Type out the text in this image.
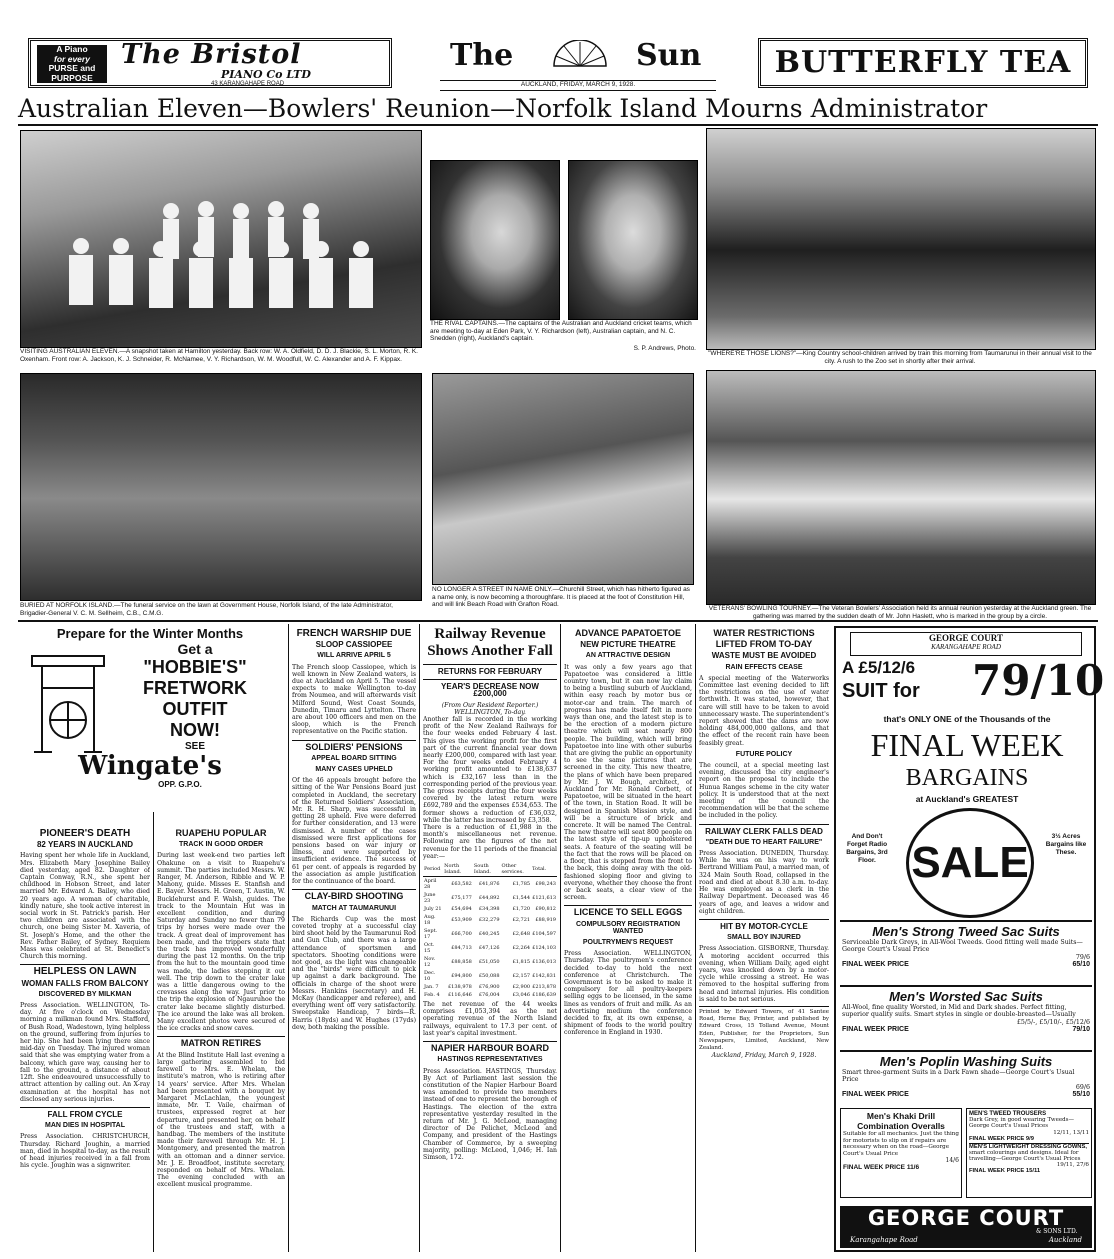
A Piano
for every
PURSE and
PURPOSE
The Bristol
PIANO Co LTD
43 KARANGAHAPE ROAD
The	Sun
AUCKLAND, FRIDAY, MARCH 9, 1928.
BUTTERFLY TEA
Australian Eleven—Bowlers' Reunion—Norfolk Island Mourns Administrator
VISITING AUSTRALIAN ELEVEN.—A snapshot taken at Hamilton yesterday. Back row: W. A. Oldfield, D. D. J. Blackie, S. L. Morton, R. K. Oxenham. Front row: A. Jackson, K. J. Schneider, R. McNamee, V. Y. Richardson, W. M. Woodfull, W. C. Alexander and A. F. Kippax.
THE RIVAL CAPTAINS.—The captains of the Australian and Auckland cricket teams, which are meeting to-day at Eden Park, V. Y. Richardson (left), Australian captain, and N. C. Snedden (right), Auckland's captain.
S. P. Andrews, Photo.
"WHERE'RE THOSE LIONS?"—King Country school-children arrived by train this morning from Taumarunui in their annual visit to the city. A rush to the Zoo set in shortly after their arrival.
BURIED AT NORFOLK ISLAND.—The funeral service on the lawn at Government House, Norfolk Island, of the late Administrator, Brigadier-General V. C. M. Sellheim, C.B., C.M.G.
NO LONGER A STREET IN NAME ONLY.—Churchill Street, which has hitherto figured as a name only, is now becoming a thoroughfare. It is placed at the foot of Constitution Hill, and will link Beach Road with Grafton Road.
VETERANS' BOWLING TOURNEY.—The Veteran Bowlers' Association held its annual reunion yesterday at the Auckland green. The gathering was marred by the sudden death of Mr. John Haslett, who is marked in the group by a circle.
Prepare for the Winter Months
Get a
"HOBBIE'S"
FRETWORK
OUTFIT
NOW!
SEE
Wingate's
OPP. G.P.O.
PIONEER'S DEATH
82 YEARS IN AUCKLAND
Having spent her whole life in Auckland, Mrs. Elizabeth Mary Josephine Bailey died yesterday, aged 82. Daughter of Captain Conway, R.N., she spent her childhood in Hobson Street, and later married Mr. Edward A. Bailey, who died 20 years ago. A woman of charitable, kindly nature, she took active interest in social work in St. Patrick's parish. Her two children are associated with the church, one being Sister M. Xaveria, of St. Joseph's Home, and the other the Rev. Father Bailey, of Sydney. Requiem Mass was celebrated at St. Benedict's Church this morning.
HELPLESS ON LAWN
WOMAN FALLS FROM BALCONY
DISCOVERED BY MILKMAN
Press Association. WELLINGTON, To-day. At five o'clock on Wednesday morning a milkman found Mrs. Stafford, of Bush Road, Wadestown, lying helpless on the ground, suffering from injuries to her hip. She had been lying there since mid-day on Tuesday. The injured woman said that she was emptying water from a balcony, which gave way, causing her to fall to the ground, a distance of about 12ft. She endeavoured unsuccessfully to attract attention by calling out. An X-ray examination at the hospital has not disclosed any serious injuries.
FALL FROM CYCLE
MAN DIES IN HOSPITAL
Press Association. CHRISTCHURCH, Thursday. Richard Joughin, a married man, died in hospital to-day, as the result of head injuries received in a fall from his cycle. Joughin was a signwriter.
RUAPEHU POPULAR
TRACK IN GOOD ORDER
During last week-end two parties left Ohakune on a visit to Ruapehu's summit. The parties included Messrs. W. Ranger, M. Anderson, Ribble and W. P. Mahony, guide. Misses E. Stanfish and E. Bayer. Messrs. H. Green, T. Austin, W. Bucklehurst and F. Walsh, guides. The track to the Mountain Hut was in excellent condition, and during Saturday and Sunday no fewer than 79 trips by horses were made over the track. A great deal of improvement has been made, and the trippers state that the track has improved wonderfully during the past 12 months. On the trip from the hut to the mountain good time was made, the ladies stepping it out well. The trip down to the crater lake was a little dangerous owing to the crevasses along the way. Just prior to the trip the explosion of Ngauruhoe the crater lake became slightly disturbed. The ice around the lake was all broken. Many excellent photos were secured of the ice cracks and snow caves.
MATRON RETIRES
At the Blind Institute Hall last evening a large gathering assembled to bid farewell to Mrs. E. Whelan, the institute's matron, who is retiring after 14 years' service. After Mrs. Whelan had been presented with a bouquet by Margaret McLachlan, the youngest inmate, Mr. T. Vaile, chairman of trustees, expressed regret at her departure, and presented her, on behalf of the trustees and staff, with a handbag. The members of the institute made their farewell through Mr. H. J. Montgomery, and presented the matron with an ottoman and a dinner service. Mr. J. E. Broadfoot, institute secretary, responded on behalf of Mrs. Whelan. The evening concluded with an excellent musical programme.
FRENCH WARSHIP DUE
SLOOP CASSIOPEE
WILL ARRIVE APRIL 5
The French sloop Cassiopee, which is well known in New Zealand waters, is due at Auckland on April 5. The vessel expects to make Wellington to-day from Noumea, and will afterwards visit Milford Sound, West Coast Sounds, Dunedin, Timaru and Lyttelton. There are about 100 officers and men on the sloop, which is the French representative on the Pacific station.
SOLDIERS' PENSIONS
APPEAL BOARD SITTING
MANY CASES UPHELD
Of the 46 appeals brought before the sitting of the War Pensions Board just completed in Auckland, the secretary of the Returned Soldiers' Association, Mr. R. H. Sharp, was successful in getting 28 upheld. Five were deferred for further consideration, and 13 were dismissed. A number of the cases dismissed were first applications for pensions based on war injury or illness, and were supported by insufficient evidence. The success of 61 per cent. of appeals is regarded by the association as ample justification for the continuance of the board.
CLAY-BIRD SHOOTING
MATCH AT TAUMARUNUI
The Richards Cup was the most coveted trophy at a successful clay bird shoot held by the Taumarunui Rod and Gun Club, and there was a large attendance of sportsmen and spectators. Shooting conditions were not good, as the light was changeable and the "birds" were difficult to pick up against a dark background. The officials in charge of the shoot were Messrs. Hankins (secretary) and H. McKay (handicapper and referee), and everything went off very satisfactorily. Sweepstake Handicap, 7 birds—R. Harris (18yds) and W. Hughes (17yds) dew, both making the possible.
Railway Revenue
Shows Another Fall
RETURNS FOR FEBRUARY
YEAR'S DECREASE NOW
£200,000
(From Our Resident Reporter.) WELLINGTON, To-day.
Another fall is recorded in the working profit of the New Zealand Railways for the four weeks ended February 4 last. This gives the working profit for the first part of the current financial year down nearly £200,000, compared with last year. For the four weeks ended February 4 working profit amounted to £138,637 which is £32,167 less than in the corresponding period of the previous year. The gross receipts during the four weeks covered by the latest return were £692,789 and the expenses £534,653. The former shows a reduction of £36,032, while the latter has increased by £3,358.
There is a reduction of £1,988 in the month's miscellaneous net revenue. Following are the figures of the net revenue for the 11 periods of the financial year:—
Period	North Island.	South Island.	Other services.	Total.
April 28	£63,582	£41,876	£1,785	£98,243
June 23	£75,177	£44,892	£1,544	£121,613
July 21	£54,694	£34,398	£1,720	£90,812
Aug. 18	£53,909	£32,279	£2,721	£88,919
Sept. 17	£66,700	£40,245	£2,648	£104,597
Oct. 15	£84,713	£47,126	£2,264	£124,103
Nov. 12	£88,858	£51,050	£1,815	£136,013
Dec. 10	£94,800	£50,088	£2,157	£142,831
Jan. 7	£138,978	£76,900	£2,900	£213,878
Feb. 4	£116,646	£76,004	£3,046	£186,639
The net revenue of the 44 weeks comprises £1,053,394 as the net operating revenue of the North Island railways, equivalent to 17.3 per cent. of last year's capital investment.
NAPIER HARBOUR BOARD
HASTINGS REPRESENTATIVES
Press Association. HASTINGS, Thursday. By Act of Parliament last session the constitution of the Napier Harbour Board was amended to provide two members instead of one to represent the borough of Hastings. The election of the extra representative yesterday resulted in the return of Mr. J. G. McLeod, managing director of De Pelichet, McLeod and Company, and president of the Hastings Chamber of Commerce, by a sweeping majority, polling: McLeod, 1,046; H. Ian Simson, 172.
ADVANCE PAPATOETOE
NEW PICTURE THEATRE
AN ATTRACTIVE DESIGN
It was only a few years ago that Papatoetoe was considered a little country town, but it can now lay claim to being a bustling suburb of Auckland, within easy reach by motor bus or motor-car and train. The march of progress has made itself felt in more ways than one, and the latest step is to be the erection of a modern picture theatre which will seat nearly 800 people. The building, which will bring Papatoetoe into line with other suburbs that are giving the public an opportunity to see the same pictures that are screened in the city. This new theatre, the plans of which have been prepared by Mr. J. W. Bough, architect, of Auckland for Mr. Ronald Corbett, of Papatoetoe, will be situated in the heart of the town, in Station Road. It will be designed in Spanish Mission style, and will be a structure of brick and concrete. It will be named The Central. The new theatre will seat 800 people on the latest style of tip-up upholstered seats. A feature of the seating will be the fact that the rows will be placed on a floor, that is stepped from the front to the back, this doing away with the old-fashioned sloping floor and giving to everyone, whether they choose the front or back seats, a clear view of the screen.
LICENCE TO SELL EGGS
COMPULSORY REGISTRATION WANTED
POULTRYMEN'S REQUEST
Press Association. WELLINGTON, Thursday. The poultrymen's conference decided to-day to hold the next conference at Christchurch. The Government is to be asked to make it compulsory for all poultry-keepers selling eggs to be licensed, in the same lines as vendors of fruit and milk. As an advertising medium the conference decided to fix, at its own expense, a shipment of foods to the world poultry conference in England in 1930.
WATER RESTRICTIONS
LIFTED FROM TO-DAY
WASTE MUST BE AVOIDED
RAIN EFFECTS CEASE
A special meeting of the Waterworks Committee last evening decided to lift the restrictions on the use of water forthwith. It was stated, however, that care will still have to be taken to avoid unnecessary waste. The superintendent's report showed that the dams are now holding 484,000,000 gallons, and that the effect of the recent rain have been feasibly great.
FUTURE POLICY
The council, at a special meeting last evening, discussed the city engineer's report on the proposal to include the Hunua Ranges scheme in the city water policy. It is understood that at the next meeting of the council the recommendation will be that the scheme be included in the policy.
RAILWAY CLERK FALLS DEAD
"DEATH DUE TO HEART FAILURE"
Press Association. DUNEDIN, Thursday. While he was on his way to work Bertrand William Paul, a married man, of 324 Main South Road, collapsed in the road and died at about 8.30 a.m. to-day. He was employed as a clerk in the Railway Department. Deceased was 46 years of age, and leaves a widow and eight children.
HIT BY MOTOR-CYCLE
SMALL BOY INJURED
Press Association. GISBORNE, Thursday. A motoring accident occurred this evening, when William Daily, aged eight years, was knocked down by a motor-cycle while crossing a street. He was removed to the hospital suffering from head and internal injuries. His condition is said to be not serious.
Printed by Edward Towers, of 41 Santee Road, Herne Bay, Printer, and published by Edward Cross, 15 Tolland Avenue, Mount Eden, Publisher, for the Proprietors, Sun Newspapers, Limited, Auckland, New Zealand.
Auckland, Friday, March 9, 1928.
GEORGE COURT
KARANGAHAPE ROAD
A £5/12/6
SUIT for 79/10
that's ONLY ONE of the Thousands of the
FINAL WEEK
BARGAINS
at Auckland's GREATEST
And Don't Forget Radio Bargains, 3rd Floor. SALE
3½ Acres Bargains like These.
Men's Strong Tweed Sac Suits
Serviceable Dark Greys, in All-Wool Tweeds. Good fitting well made Suits—George Court's Usual Price
79/6
FINAL WEEK PRICE	65/10
Men's Worsted Sac Suits
All-Wool, fine quality Worsted, in Mid and Dark shades. Perfect fitting, superior quality suits. Smart styles in single or double-breasted—Usually
£5/5/-, £5/10/-, £5/12/6
FINAL WEEK PRICE	79/10
Men's Poplin Washing Suits
Smart three-garment Suits in a Dark Fawn shade—George Court's Usual Price
69/6
FINAL WEEK PRICE	55/10
Men's Khaki Drill Combination Overalls
Suitable for all mechanics. Just the thing for motorists to slip on if repairs are necessary when on the road—George Court's Usual Price
14/6
FINAL WEEK PRICE 11/6
MEN'S TWEED TROUSERS
Dark Grey, in good wearing Tweeds—George Court's Usual Prices
12/11, 13/11
FINAL WEEK PRICE 9/9
MEN'S LIGHTWEIGHT DRESSING GOWNS,
smart colourings and designs. Ideal for travelling—George Court's Usual Prices
19/11, 27/6
FINAL WEEK PRICE 15/11
GEORGE COURT
& SONS LTD.
Karangahape Road	Auckland
